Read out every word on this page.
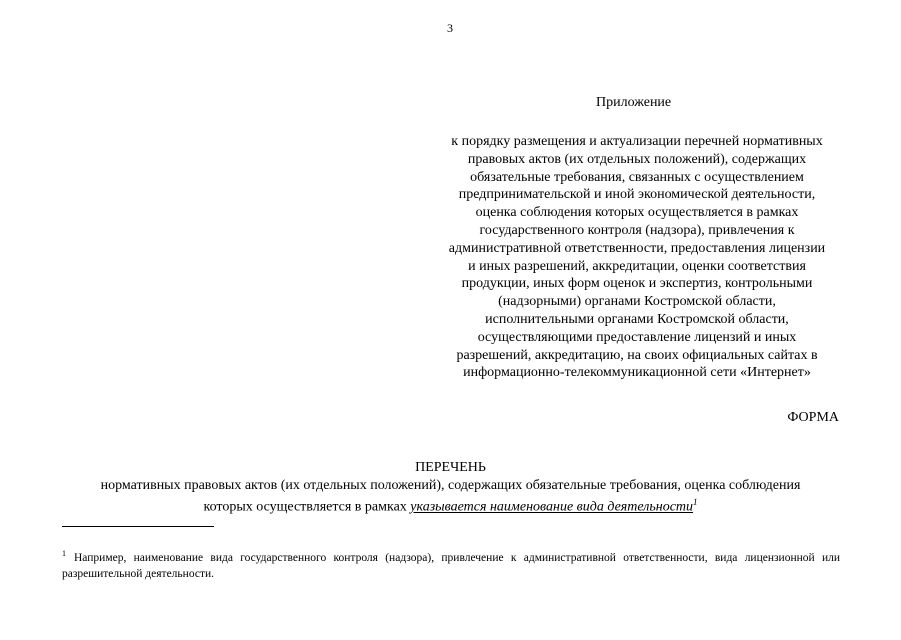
3
Приложение
к порядку размещения и актуализации перечней нормативных
правовых актов (их отдельных положений), содержащих
обязательные требования, связанных с осуществлением
предпринимательской и иной экономической деятельности,
оценка соблюдения которых осуществляется в рамках
государственного контроля (надзора), привлечения к
административной ответственности, предоставления лицензии
и иных разрешений, аккредитации, оценки соответствия
продукции, иных форм оценок и экспертиз, контрольными
(надзорными) органами Костромской области,
исполнительными органами Костромской области,
осуществляющими предоставление лицензий и иных
разрешений, аккредитацию, на своих официальных сайтах в
информационно-телекоммуникационной сети «Интернет»
ФОРМА
ПЕРЕЧЕНЬ
нормативных правовых актов (их отдельных положений), содержащих обязательные требования, оценка соблюдения
которых осуществляется в рамках указывается наименование вида деятельности$^1$
$^1$ Например, наименование вида государственного контроля (надзора), привлечение к административной ответственности, вида лицензионной или разрешительной деятельности.
